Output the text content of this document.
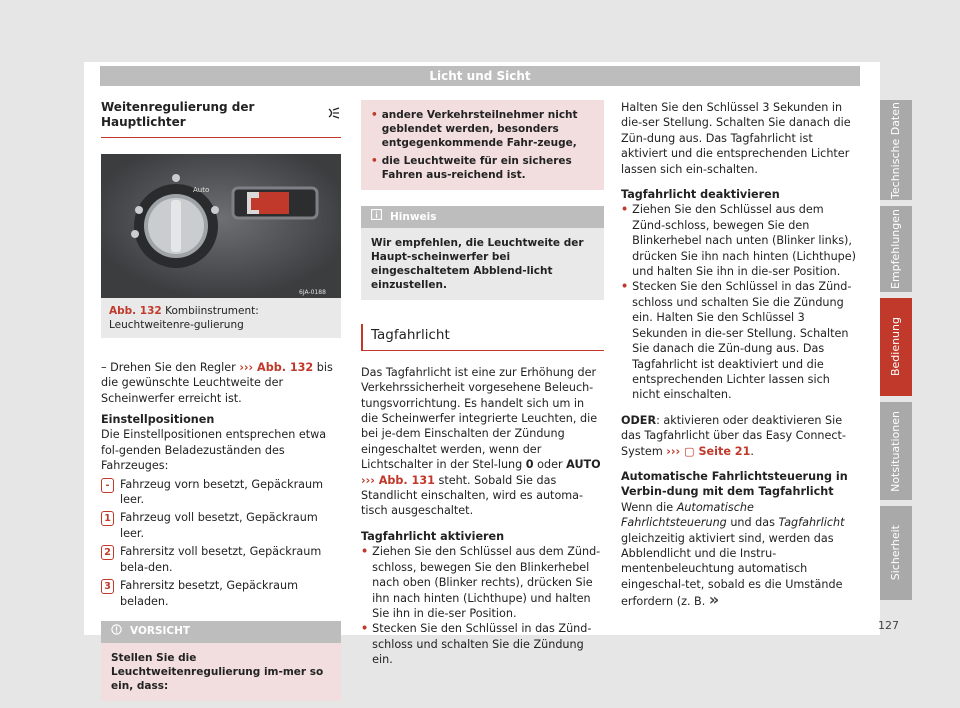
Licht und Sicht
Weitenregulierung der Hauptlichter
Auto
6JA-0188
Abb. 132 Kombiinstrument: Leuchtweitenre-gulierung

– Drehen Sie den Regler ››› Abb. 132 bis die gewünschte Leuchtweite der Scheinwerfer erreicht ist.

Einstellpositionen

Die Einstellpositionen entsprechen etwa fol-genden Beladezuständen des Fahrzeuges:

- Fahrzeug vorn besetzt, Gepäckraum leer.
1 Fahrzeug voll besetzt, Gepäckraum leer.
2 Fahrersitz voll besetzt, Gepäckraum bela-den.
3 Fahrersitz besetzt, Gepäckraum beladen.
VORSICHT
Stellen Sie die Leuchtweitenregulierung im-mer so ein, dass:
• andere Verkehrsteilnehmer nicht geblendet werden, besonders entgegenkommende Fahr-zeuge,
• die Leuchtweite für ein sicheres Fahren aus-reichend ist.
Hinweis
Wir empfehlen, die Leuchtweite der Haupt-scheinwerfer bei eingeschaltetem Abblend-licht einzustellen.
Tagfahrlicht

Das Tagfahrlicht ist eine zur Erhöhung der Verkehrssicherheit vorgesehene Beleuch-tungsvorrichtung. Es handelt sich um in die Scheinwerfer integrierte Leuchten, die bei je-dem Einschalten der Zündung eingeschaltet werden, wenn der Lichtschalter in der Stel-lung 0 oder AUTO ››› Abb. 131 steht. Sobald Sie das Standlicht einschalten, wird es automa-tisch ausgeschaltet.

Tagfahrlicht aktivieren

• Ziehen Sie den Schlüssel aus dem Zünd-schloss, bewegen Sie den Blinkerhebel nach oben (Blinker rechts), drücken Sie ihn nach hinten (Lichthupe) und halten Sie ihn in die-ser Position.
• Stecken Sie den Schlüssel in das Zünd-schloss und schalten Sie die Zündung ein.

Halten Sie den Schlüssel 3 Sekunden in die-ser Stellung. Schalten Sie danach die Zün-dung aus. Das Tagfahrlicht ist aktiviert und die entsprechenden Lichter lassen sich ein-schalten.

Tagfahrlicht deaktivieren

• Ziehen Sie den Schlüssel aus dem Zünd-schloss, bewegen Sie den Blinkerhebel nach unten (Blinker links), drücken Sie ihn nach hinten (Lichthupe) und halten Sie ihn in die-ser Position.
• Stecken Sie den Schlüssel in das Zünd-schloss und schalten Sie die Zündung ein. Halten Sie den Schlüssel 3 Sekunden in die-ser Stellung. Schalten Sie danach die Zün-dung aus. Das Tagfahrlicht ist deaktiviert und die entsprechenden Lichter lassen sich nicht einschalten.

ODER: aktivieren oder deaktivieren Sie das Tagfahrlicht über das Easy Connect-System ››› ▢ Seite 21.

Automatische Fahrlichtsteuerung in Verbin-dung mit dem Tagfahrlicht

Wenn die Automatische Fahrlichtsteuerung und das Tagfahrlicht gleichzeitig aktiviert sind, werden das Abblendlicht und die Instru-mentenbeleuchtung automatisch eingeschal-tet, sobald es die Umstände erfordern (z. B. »

Technische Daten
Empfehlungen
Bedienung
Notsituationen
Sicherheit
127
